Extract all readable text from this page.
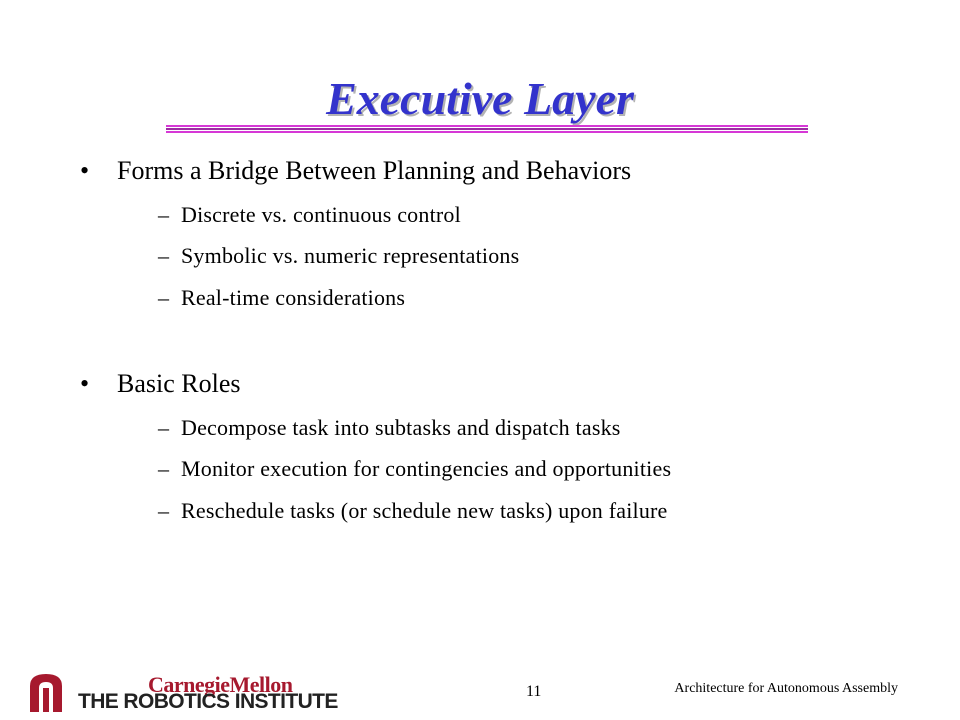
Executive Layer
•	Forms a Bridge Between Planning and Behaviors
– Discrete vs. continuous control
– Symbolic vs. numeric representations
– Real-time considerations
•	Basic Roles
– Decompose task into subtasks and dispatch tasks
– Monitor execution for contingencies and opportunities
– Reschedule tasks (or schedule new tasks) upon failure
CarnegieMellon
THE ROBOTICS INSTITUTE	11	Architecture for Autonomous Assembly
